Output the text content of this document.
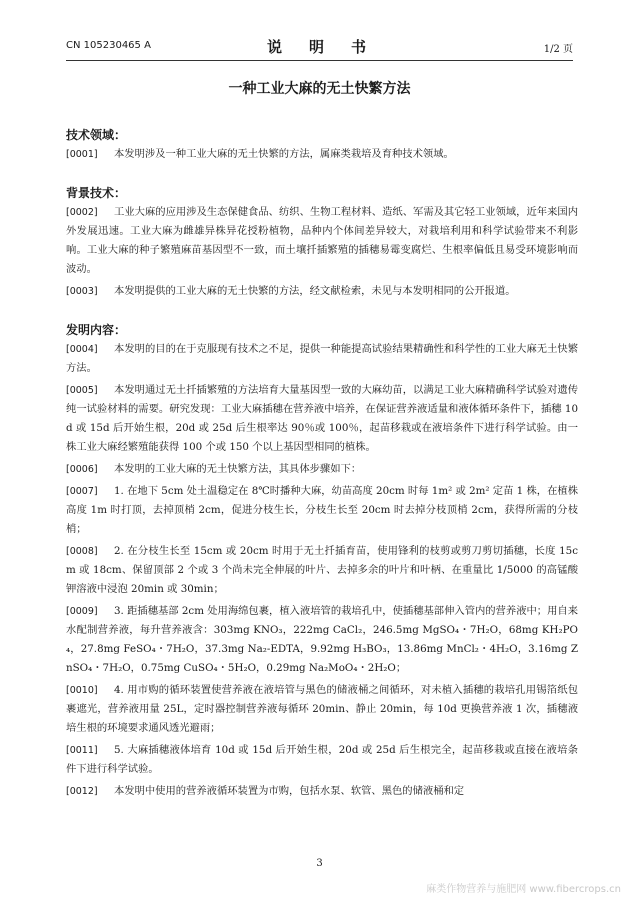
CN 105230465 A	说　明　书	1/2 页
一种工业大麻的无土快繁方法
技术领域：
[0001] 本发明涉及一种工业大麻的无土快繁的方法，属麻类栽培及育种技术领域。
背景技术：
[0002] 工业大麻的应用涉及生态保健食品、纺织、生物工程材料、造纸、军需及其它轻工业领域，近年来国内外发展迅速。工业大麻为雌雄异株异花授粉植物，品种内个体间差异较大，对栽培利用和科学试验带来不利影响。工业大麻的种子繁殖麻苗基因型不一致，而土壤扦插繁殖的插穗易霉变腐烂、生根率偏低且易受环境影响而波动。
[0003] 本发明提供的工业大麻的无土快繁的方法，经文献检索，未见与本发明相同的公开报道。
发明内容：
[0004] 本发明的目的在于克服现有技术之不足，提供一种能提高试验结果精确性和科学性的工业大麻无土快繁方法。
[0005] 本发明通过无土扦插繁殖的方法培育大量基因型一致的大麻幼苗，以满足工业大麻精确科学试验对遗传纯一试验材料的需要。研究发现：工业大麻插穗在营养液中培养，在保证营养液适量和液体循环条件下，插穗 10d 或 15d 后开始生根，20d 或 25d 后生根率达 90％或 100％，起苗移栽或在液培条件下进行科学试验。由一株工业大麻经繁殖能获得 100 个或 150 个以上基因型相同的植株。
[0006] 本发明的工业大麻的无土快繁方法，其具体步骤如下：
[0007] 1. 在地下 5cm 处土温稳定在 8℃时播种大麻，幼苗高度 20cm 时每 1m² 或 2m² 定苗 1 株，在植株高度 1m 时打顶，去掉顶梢 2cm，促进分枝生长，分枝生长至 20cm 时去掉分枝顶梢 2cm，获得所需的分枝梢；
[0008] 2. 在分枝生长至 15cm 或 20cm 时用于无土扦插育苗，使用锋利的枝剪或剪刀剪切插穗，长度 15cm 或 18cm、保留顶部 2 个或 3 个尚未完全伸展的叶片、去掉多余的叶片和叶柄、在重量比 1/5000 的高锰酸钾溶液中浸泡 20min 或 30min；
[0009] 3. 距插穗基部 2cm 处用海绵包裹，植入液培管的栽培孔中，使插穗基部伸入管内的营养液中；用自来水配制营养液，每升营养液含：303mg KNO₃，222mg CaCl₂，246.5mg MgSO₄・7H₂O，68mg KH₂PO₄，27.8mg FeSO₄・7H₂O，37.3mg Na₂-EDTA，9.92mg H₃BO₃，13.86mg MnCl₂・4H₂O，3.16mg ZnSO₄・7H₂O，0.75mg CuSO₄・5H₂O，0.29mg Na₂MoO₄・2H₂O；
[0010] 4. 用市购的循环装置使营养液在液培管与黑色的储液桶之间循环，对未植入插穗的栽培孔用锡箔纸包裹遮光，营养液用量 25L，定时器控制营养液每循环 20min、静止 20min，每 10d 更换营养液 1 次，插穗液培生根的环境要求通风透光避雨；
[0011] 5. 大麻插穗液体培育 10d 或 15d 后开始生根，20d 或 25d 后生根完全，起苗移栽或直接在液培条件下进行科学试验。
[0012] 本发明中使用的营养液循环装置为市购，包括水泵、软管、黑色的储液桶和定
3
麻类作物营养与施肥网 www.fibercrops.cn
